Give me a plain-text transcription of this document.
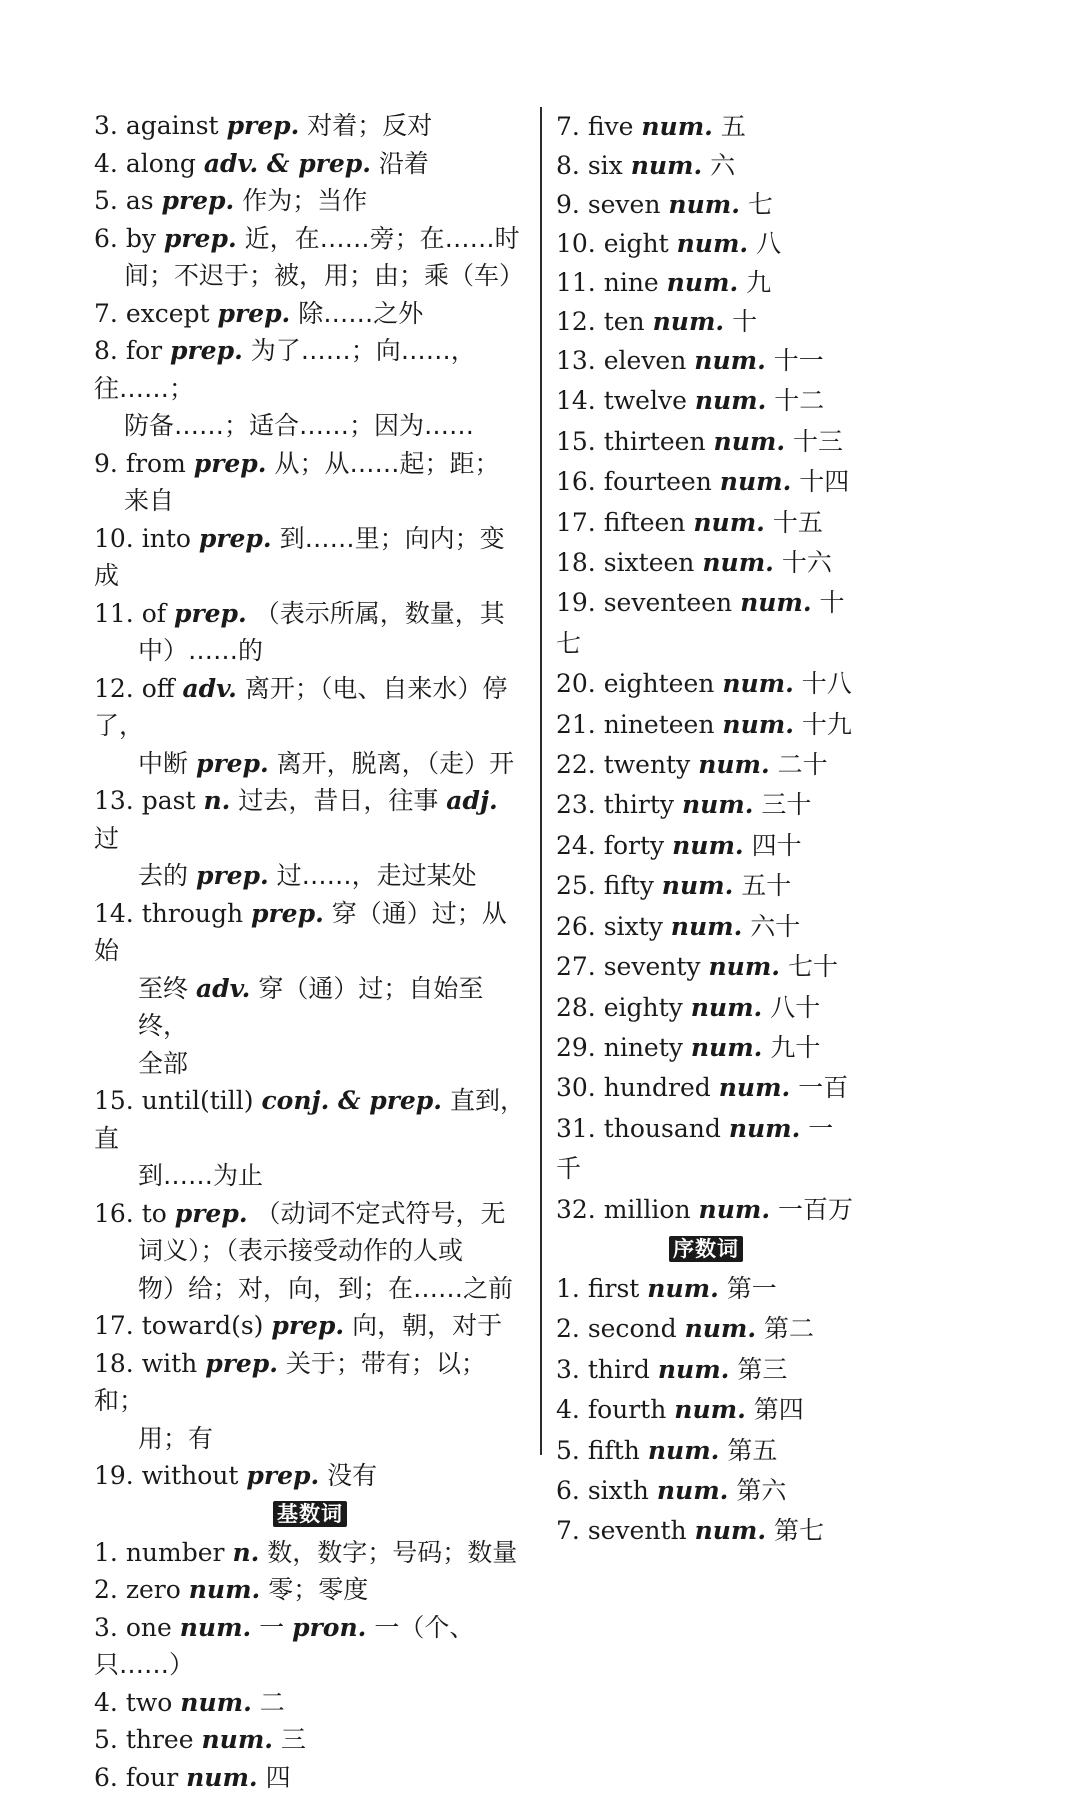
3. against prep. 对着；反对
4. along adv. & prep. 沿着
5. as prep. 作为；当作
6. by prep. 近，在……旁；在……时
间；不迟于；被，用；由；乘（车）
7. except prep. 除……之外
8. for prep. 为了……；向……，往……；
防备……；适合……；因为……
9. from prep. 从；从……起；距；
来自
10. into prep. 到……里；向内；变成
11. of prep. （表示所属，数量，其
中）……的
12. off adv. 离开；（电、自来水）停了，
中断 prep. 离开，脱离，（走）开
13. past n. 过去，昔日，往事 adj. 过
去的 prep. 过……，走过某处
14. through prep. 穿（通）过；从始
至终 adv. 穿（通）过；自始至终，
全部
15. until(till) conj. & prep. 直到，直
到……为止
16. to prep. （动词不定式符号，无
词义）；（表示接受动作的人或
物）给；对，向，到；在……之前
17. toward(s) prep. 向，朝，对于
18. with prep. 关于；带有；以；和；
用；有
19. without prep. 没有
基数词
1. number n. 数，数字；号码；数量
2. zero num. 零；零度
3. one num. 一 pron. 一（个、只……）
4. two num. 二
5. three num. 三
6. four num. 四
7. five num. 五
8. six num. 六
9. seven num. 七
10. eight num. 八
11. nine num. 九
12. ten num. 十
13. eleven num. 十一
14. twelve num. 十二
15. thirteen num. 十三
16. fourteen num. 十四
17. fifteen num. 十五
18. sixteen num. 十六
19. seventeen num. 十七
20. eighteen num. 十八
21. nineteen num. 十九
22. twenty num. 二十
23. thirty num. 三十
24. forty num. 四十
25. fifty num. 五十
26. sixty num. 六十
27. seventy num. 七十
28. eighty num. 八十
29. ninety num. 九十
30. hundred num. 一百
31. thousand num. 一千
32. million num. 一百万
序数词
1. first num. 第一
2. second num. 第二
3. third num. 第三
4. fourth num. 第四
5. fifth num. 第五
6. sixth num. 第六
7. seventh num. 第七
